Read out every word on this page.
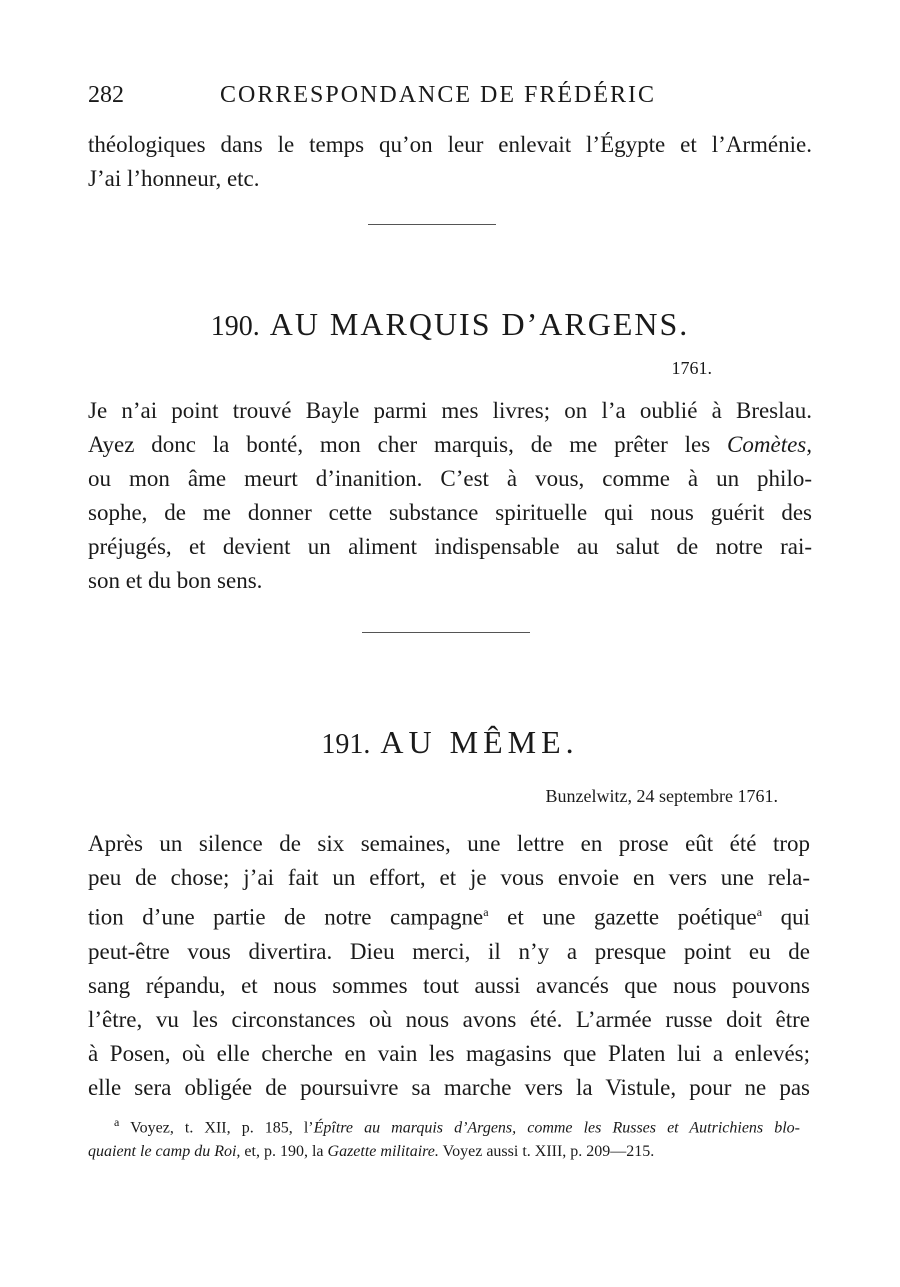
282	CORRESPONDANCE DE FRÉDÉRIC
théologiques dans le temps qu’on leur enlevait l’Égypte et l’Arménie.
J’ai l’honneur, etc.
190. AU MARQUIS D’ARGENS.
1761.
Je n’ai point trouvé Bayle parmi mes livres; on l’a oublié à Breslau.
Ayez donc la bonté, mon cher marquis, de me prêter les Comètes,
ou mon âme meurt d’inanition. C’est à vous, comme à un philo-
sophe, de me donner cette substance spirituelle qui nous guérit des
préjugés, et devient un aliment indispensable au salut de notre rai-
son et du bon sens.
191. AU MÊME.
Bunzelwitz, 24 septembre 1761.
Après un silence de six semaines, une lettre en prose eût été trop
peu de chose; j’ai fait un effort, et je vous envoie en vers une rela-
tion d’une partie de notre campagne$^a$ et une gazette poétique$^a$ qui
peut-être vous divertira. Dieu merci, il n’y a presque point eu de
sang répandu, et nous sommes tout aussi avancés que nous pouvons
l’être, vu les circonstances où nous avons été. L’armée russe doit être
à Posen, où elle cherche en vain les magasins que Platen lui a enlevés;
elle sera obligée de poursuivre sa marche vers la Vistule, pour ne pas
$^a$ Voyez, t. XII, p. 185, l’Épître au marquis d’Argens, comme les Russes et Autrichiens blo-
quaient le camp du Roi, et, p. 190, la Gazette militaire. Voyez aussi t. XIII, p. 209—215.
